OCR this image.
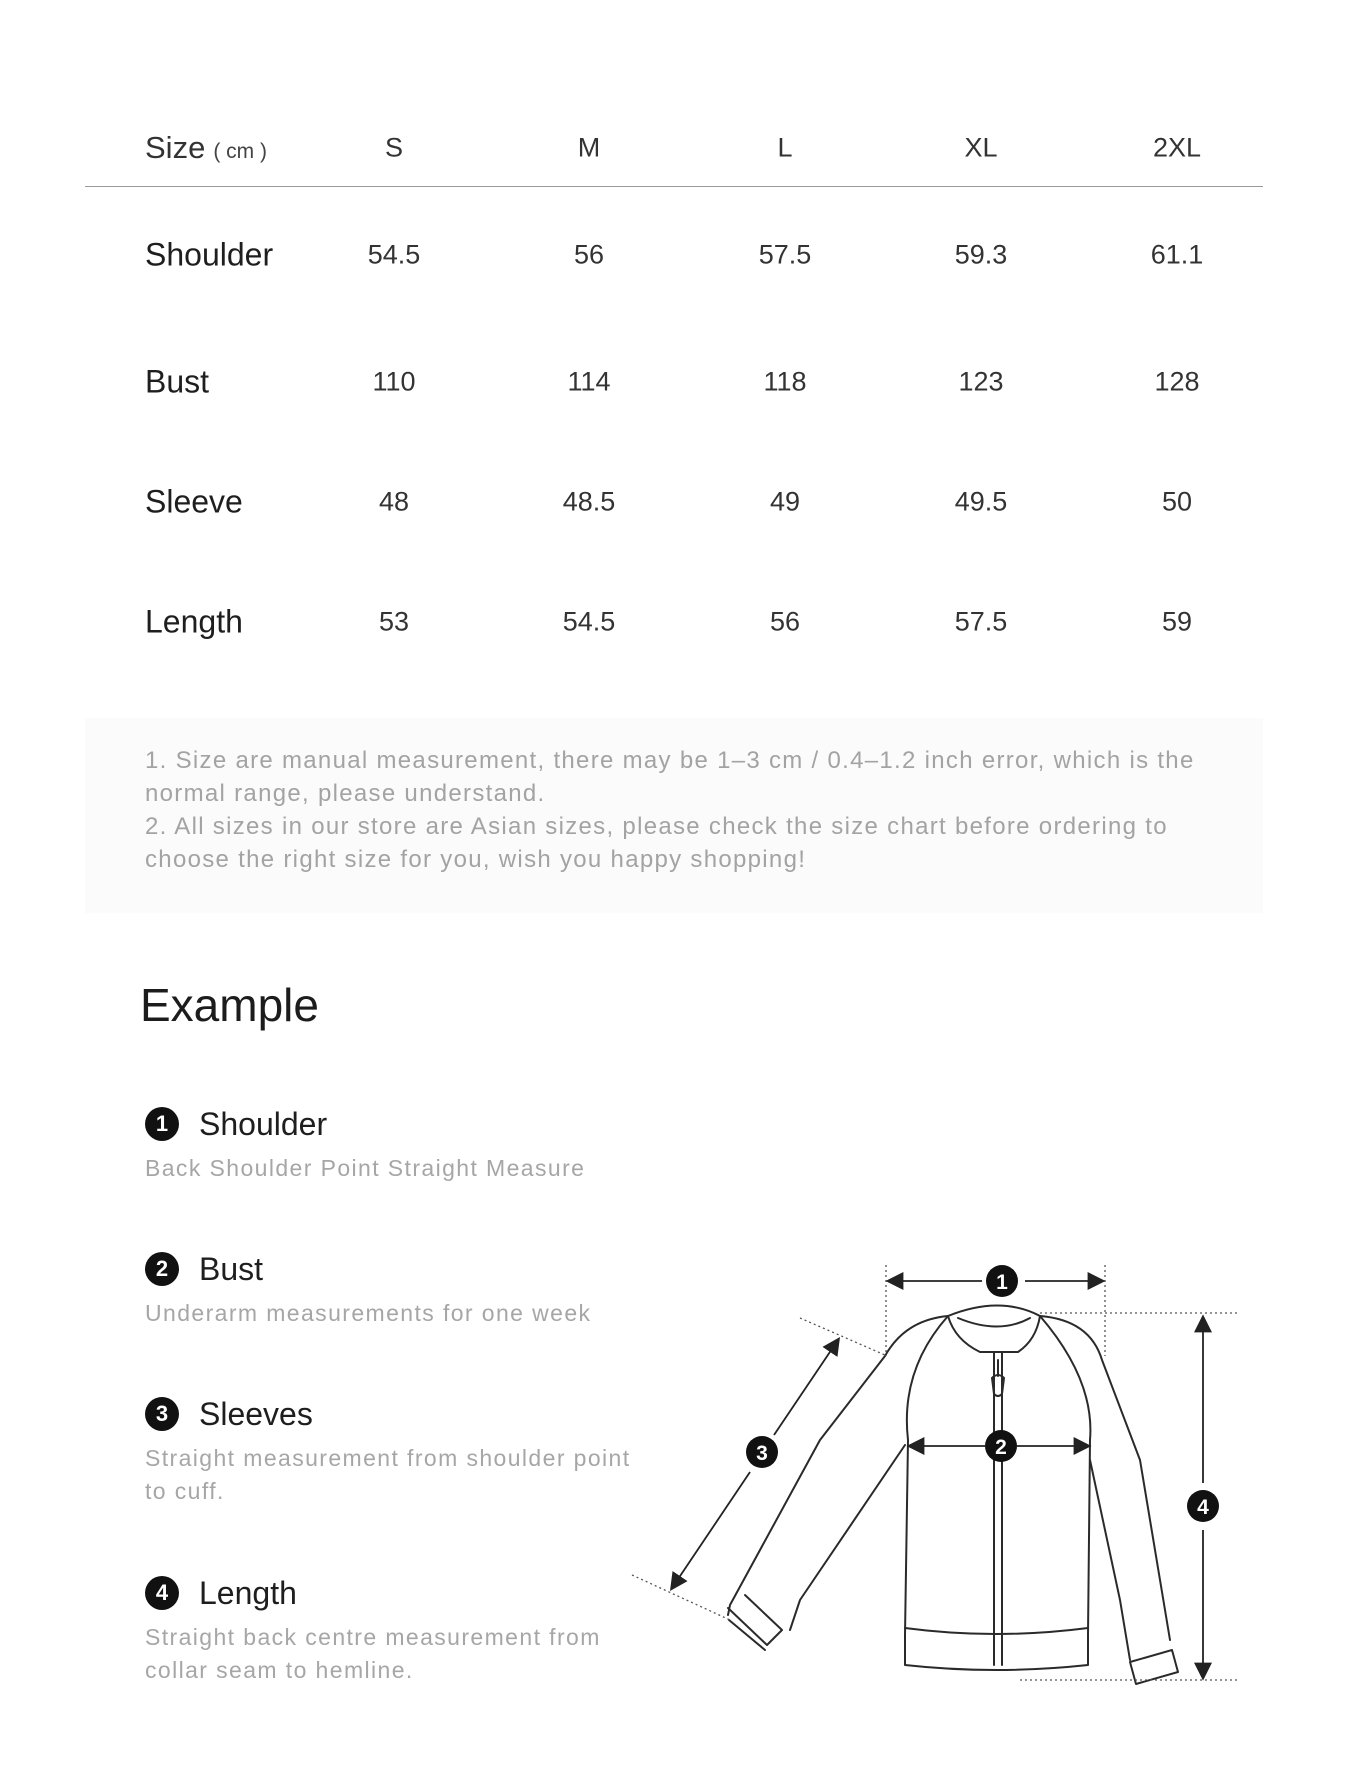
Size ( cm )	S	M	L	XL	2XL
Shoulder	54.5	56	57.5	59.3	61.1
Bust	110	114	118	123	128
Sleeve	48	48.5	49	49.5	50
Length	53	54.5	56	57.5	59

1. Size are manual measurement, there may be 1–3 cm / 0.4–1.2 inch error, which is the normal range, please understand.

2. All sizes in our store are Asian sizes, please check the size chart before ordering to choose the right size for you, wish you happy shopping!

Example
1 Shoulder
Back Shoulder Point Straight Measure
2 Bust
Underarm measurements for one week
3 Sleeves
Straight measurement from shoulder point to cuff.
4 Length
Straight back centre measurement from collar seam to hemline.
1
2
3
4
